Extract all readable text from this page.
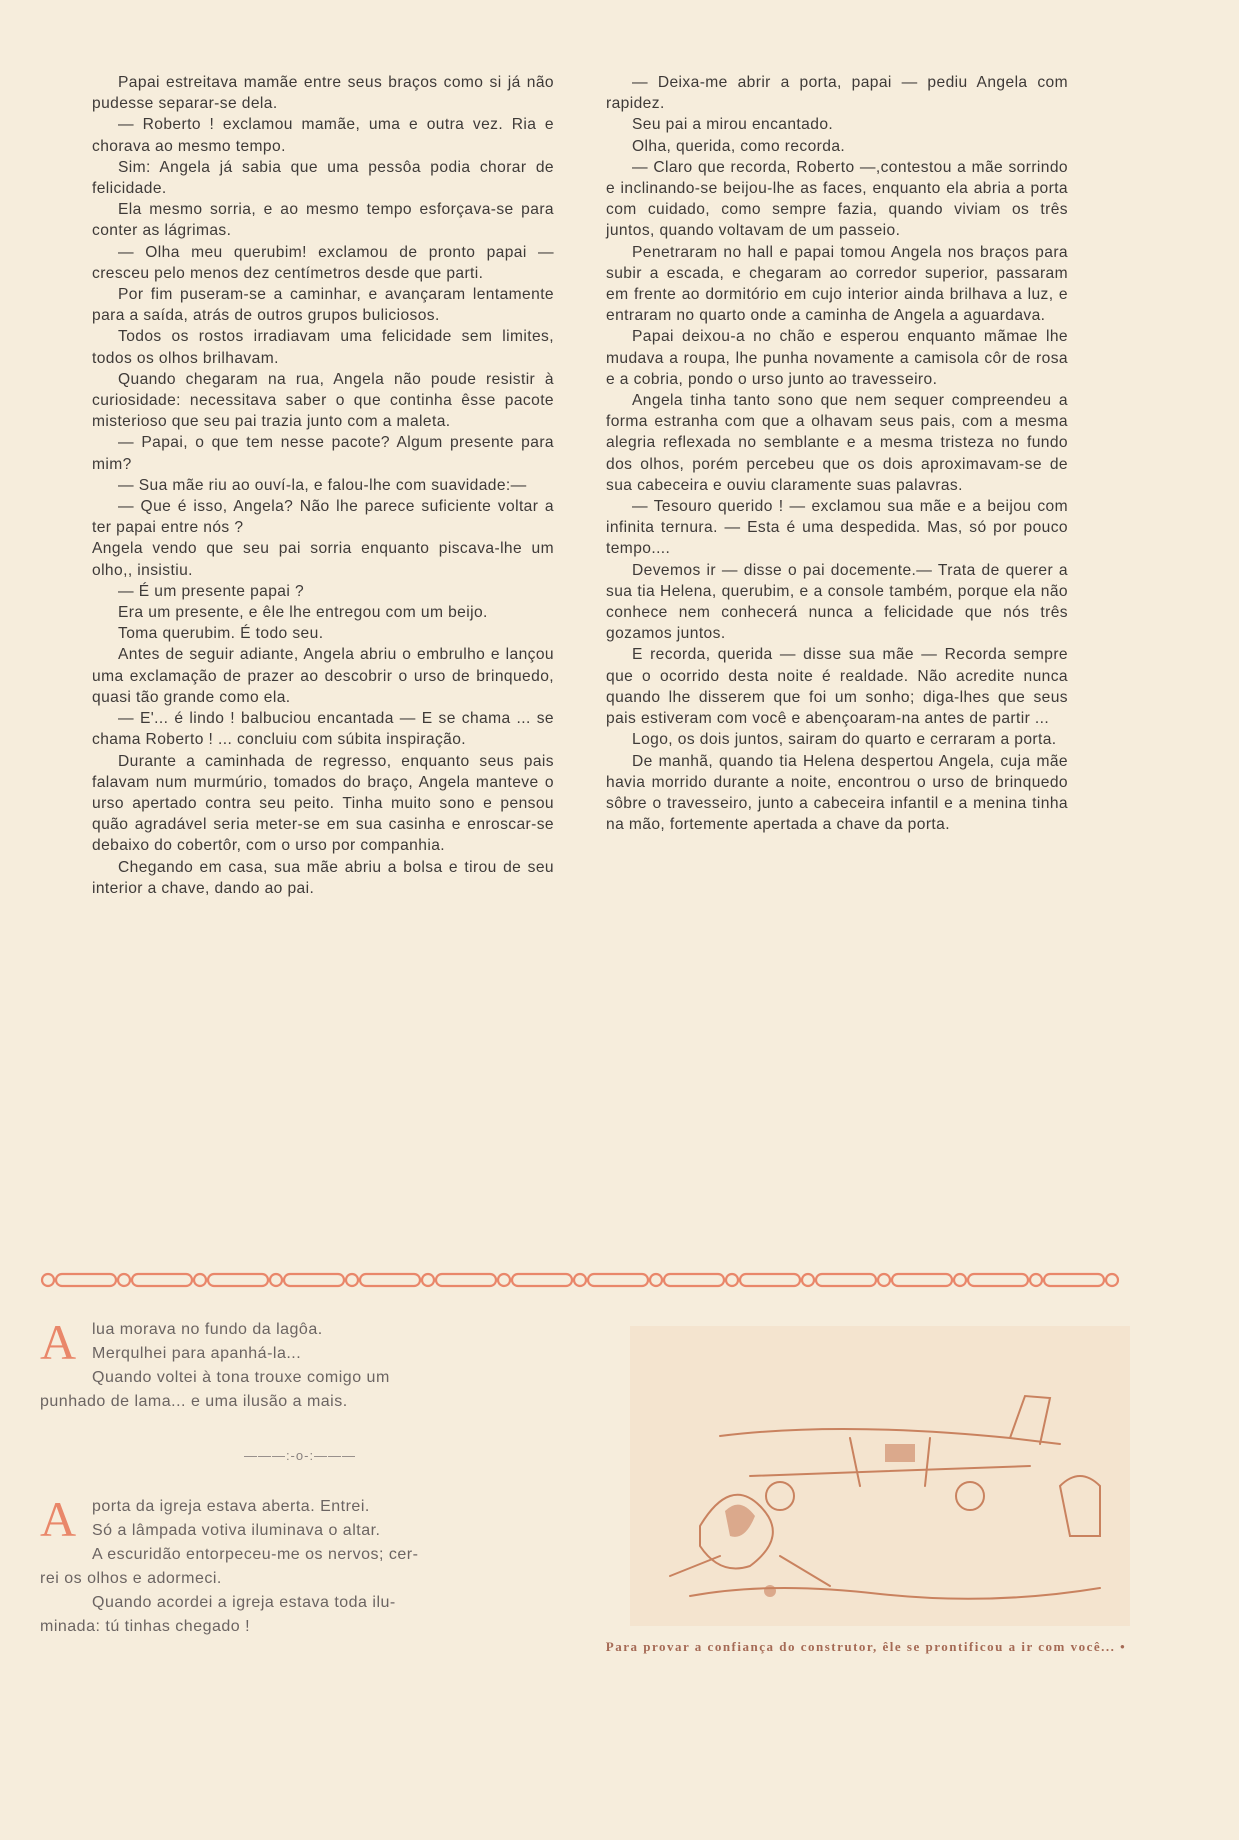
Papai estreitava mamãe entre seus braços como si já não pudesse separar-se dela.

— Roberto ! exclamou mamãe, uma e outra vez. Ria e chorava ao mesmo tempo.

Sim: Angela já sabia que uma pessôa podia chorar de felicidade.

Ela mesmo sorria, e ao mesmo tempo esforçava-se para conter as lágrimas.

— Olha meu querubim! exclamou de pronto papai — cresceu pelo menos dez centímetros desde que parti.

Por fim puseram-se a caminhar, e avançaram lentamente para a saída, atrás de outros grupos buliciosos.

Todos os rostos irradiavam uma felicidade sem limites, todos os olhos brilhavam.

Quando chegaram na rua, Angela não poude resistir à curiosidade: necessitava saber o que continha êsse pacote misterioso que seu pai trazia junto com a maleta.

— Papai, o que tem nesse pacote? Algum presente para mim?

— Sua mãe riu ao ouví-la, e falou-lhe com suavidade:—

— Que é isso, Angela? Não lhe parece suficiente voltar a ter papai entre nós ?

Angela vendo que seu pai sorria enquanto piscava-lhe um olho,, insistiu.

— É um presente papai ?

Era um presente, e êle lhe entregou com um beijo.

Toma querubim. É todo seu.

Antes de seguir adiante, Angela abriu o embrulho e lançou uma exclamação de prazer ao descobrir o urso de brinquedo, quasi tão grande como ela.

— E'... é lindo ! balbuciou encantada — E se chama ... se chama Roberto ! ... concluiu com súbita inspiração.

Durante a caminhada de regresso, enquanto seus pais falavam num murmúrio, tomados do braço, Angela manteve o urso apertado contra seu peito. Tinha muito sono e pensou quão agradável seria meter-se em sua casinha e enroscar-se debaixo do cobertôr, com o urso por companhia.

Chegando em casa, sua mãe abriu a bolsa e tirou de seu interior a chave, dando ao pai.

— Deixa-me abrir a porta, papai — pediu Angela com rapidez.

Seu pai a mirou encantado.

Olha, querida, como recorda.

— Claro que recorda, Roberto —,contestou a mãe sorrindo e inclinando-se beijou-lhe as faces, enquanto ela abria a porta com cuidado, como sempre fazia, quando viviam os três juntos, quando voltavam de um passeio.

Penetraram no hall e papai tomou Angela nos braços para subir a escada, e chegaram ao corredor superior, passaram em frente ao dormitório em cujo interior ainda brilhava a luz, e entraram no quarto onde a caminha de Angela a aguardava.

Papai deixou-a no chão e esperou enquanto mãmae lhe mudava a roupa, lhe punha novamente a camisola côr de rosa e a cobria, pondo o urso junto ao travesseiro.

Angela tinha tanto sono que nem sequer compreendeu a forma estranha com que a olhavam seus pais, com a mesma alegria reflexada no semblante e a mesma tristeza no fundo dos olhos, porém percebeu que os dois aproximavam-se de sua cabeceira e ouviu claramente suas palavras.

— Tesouro querido ! — exclamou sua mãe e a beijou com infinita ternura. — Esta é uma despedida. Mas, só por pouco tempo....

Devemos ir — disse o pai docemente.— Trata de querer a sua tia Helena, querubim, e a console também, porque ela não conhece nem conhecerá nunca a felicidade que nós três gozamos juntos.

E recorda, querida — disse sua mãe — Recorda sempre que o ocorrido desta noite é realdade. Não acredite nunca quando lhe disserem que foi um sonho; diga-lhes que seus pais estiveram com você e abençoaram-na antes de partir ...

Logo, os dois juntos, sairam do quarto e cerraram a porta.

De manhã, quando tia Helena despertou Angela, cuja mãe havia morrido durante a noite, encontrou o urso de brinquedo sôbre o travesseiro, junto a cabeceira infantil e a menina tinha na mão, fortemente apertada a chave da porta.

A lua morava no fundo da lagôa.
Merqulhei para apanhá-la...
Quando voltei à tona trouxe comigo um
punhado de lama... e uma ilusão a mais.

———:-o-:———

A porta da igreja estava aberta. Entrei.
Só a lâmpada votiva iluminava o altar.
A escuridão entorpeceu-me os nervos; cer-
rei os olhos e adormeci.
Quando acordei a igreja estava toda ilu-
minada: tú tinhas chegado !

Para provar a confiança do construtor, êle se prontificou a ir com você... •
